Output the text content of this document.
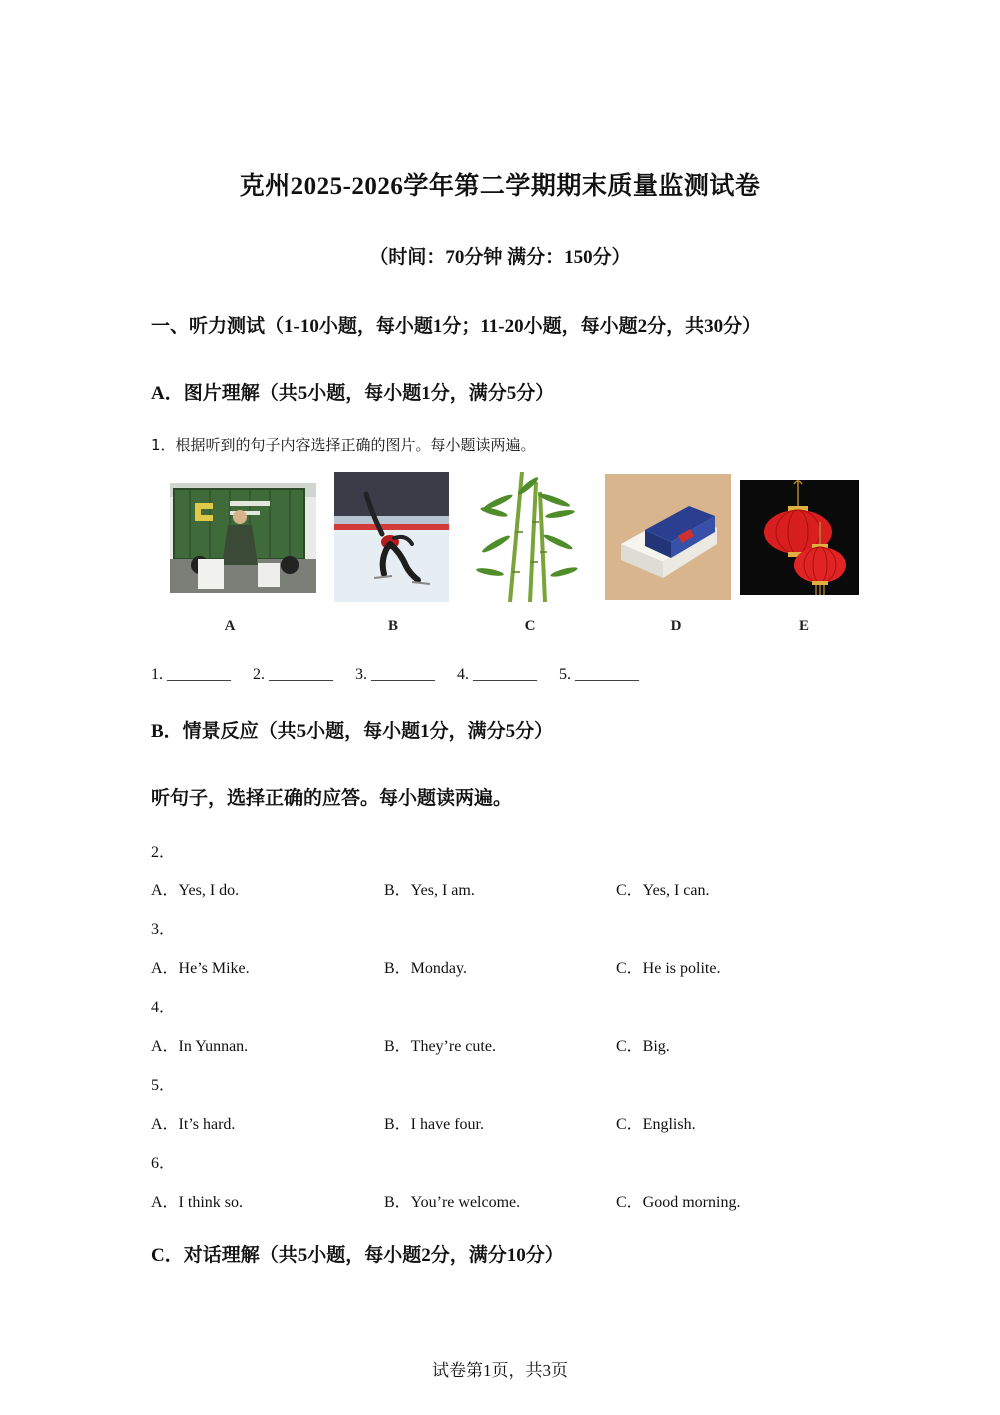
克州2025-2026学年第二学期期末质量监测试卷
（时间：70分钟 满分：150分）
一、听力测试（1-10小题，每小题1分；11-20小题，每小题2分，共30分）
A．图片理解（共5小题，每小题1分，满分5分）
1．根据听到的句子内容选择正确的图片。每小题读两遍。
A	B	C	D	E
1. ________ 2. ________ 3. ________ 4. ________ 5. ________
B．情景反应（共5小题，每小题1分，满分5分）
听句子，选择正确的应答。每小题读两遍。
2．
A．Yes, I do.	B．Yes, I am.	C．Yes, I can.
3．
A．He’s Mike.	B．Monday.	C．He is polite.
4．
A．In Yunnan.	B．They’re cute.	C．Big.
5．
A．It’s hard.	B．I have four.	C．English.
6．
A．I think so.	B．You’re welcome.	C．Good morning.
C．对话理解（共5小题，每小题2分，满分10分）
试卷第1页，共3页
